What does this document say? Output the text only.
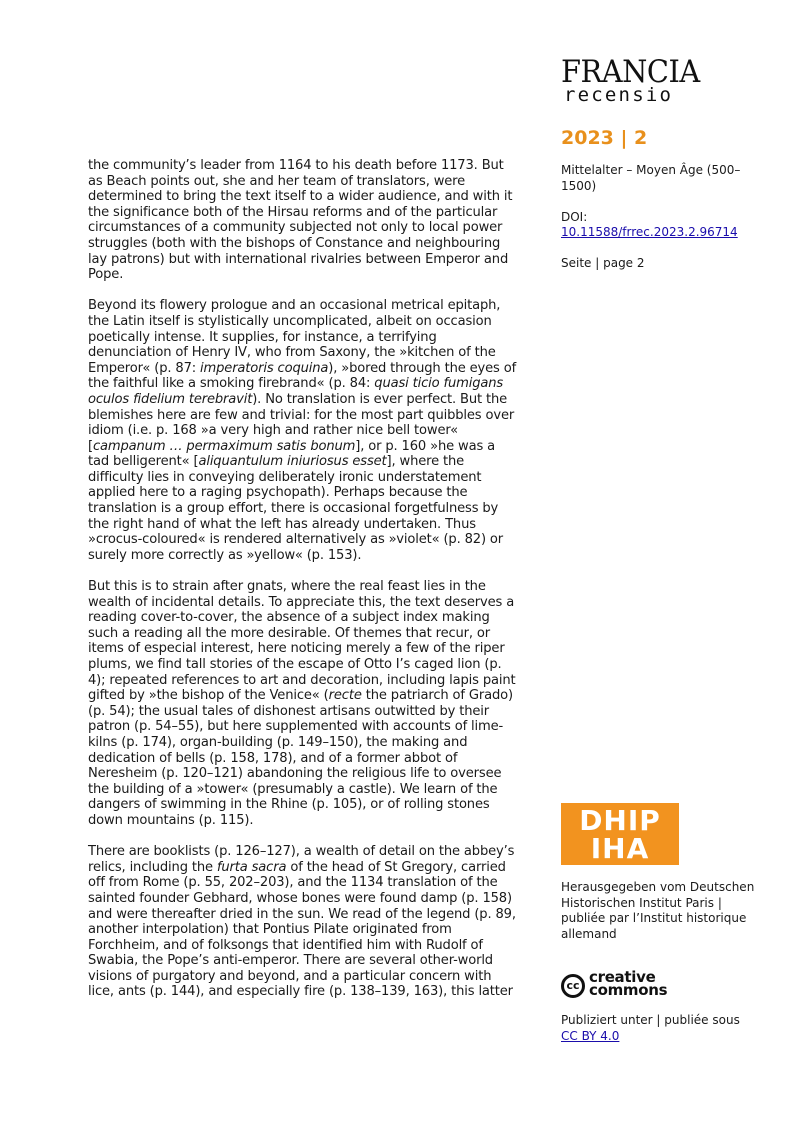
FRANCIA
recensio
2023 | 2
Mittelalter – Moyen Âge (500–1500)
DOI:
10.11588/frrec.2023.2.96714
Seite | page 2

the community’s leader from 1164 to his death before 1173. But as Beach points out, she and her team of translators, were determined to bring the text itself to a wider audience, and with it the significance both of the Hirsau reforms and of the particular circumstances of a community subjected not only to local power struggles (both with the bishops of Constance and neighbouring lay patrons) but with international rivalries between Emperor and Pope.

Beyond its flowery prologue and an occasional metrical epitaph, the Latin itself is stylistically uncomplicated, albeit on occasion poetically intense. It supplies, for instance, a terrifying denunciation of Henry IV, who from Saxony, the »kitchen of the Emperor« (p. 87: imperatoris coquina), »bored through the eyes of the faithful like a smoking firebrand« (p. 84: quasi ticio fumigans oculos fidelium terebravit). No translation is ever perfect. But the blemishes here are few and trivial: for the most part quibbles over idiom (i.e. p. 168 »a very high and rather nice bell tower« [campanum … permaximum satis bonum], or p. 160 »he was a tad belligerent« [aliquantulum iniuriosus esset], where the difficulty lies in conveying deliberately ironic understatement applied here to a raging psychopath). Perhaps because the translation is a group effort, there is occasional forgetfulness by the right hand of what the left has already undertaken. Thus »crocus-coloured« is rendered alternatively as »violet« (p. 82) or surely more correctly as »yellow« (p. 153).

But this is to strain after gnats, where the real feast lies in the wealth of incidental details. To appreciate this, the text deserves a reading cover-to-cover, the absence of a subject index making such a reading all the more desirable. Of themes that recur, or items of especial interest, here noticing merely a few of the riper plums, we find tall stories of the escape of Otto I’s caged lion (p. 4); repeated references to art and decoration, including lapis paint gifted by »the bishop of the Venice« (recte the patriarch of Grado) (p. 54); the usual tales of dishonest artisans outwitted by their patron (p. 54–55), but here supplemented with accounts of lime-kilns (p. 174), organ-building (p. 149–150), the making and dedication of bells (p. 158, 178), and of a former abbot of Neresheim (p. 120–121) abandoning the religious life to oversee the building of a »tower« (presumably a castle). We learn of the dangers of swimming in the Rhine (p. 105), or of rolling stones down mountains (p. 115).

There are booklists (p. 126–127), a wealth of detail on the abbey’s relics, including the furta sacra of the head of St Gregory, carried off from Rome (p. 55, 202–203), and the 1134 translation of the sainted founder Gebhard, whose bones were found damp (p. 158) and were thereafter dried in the sun. We read of the legend (p. 89, another interpolation) that Pontius Pilate originated from Forchheim, and of folksongs that identified him with Rudolf of Swabia, the Pope’s anti-emperor. There are several other-world visions of purgatory and beyond, and a particular concern with lice, ants (p. 144), and especially fire (p. 138–139, 163), this latter

DHIP
IHA
Herausgegeben vom Deutschen Historischen Institut Paris | publiée par l’Institut historique allemand
cc creative
commons
Publiziert unter | publiée sous
CC BY 4.0
